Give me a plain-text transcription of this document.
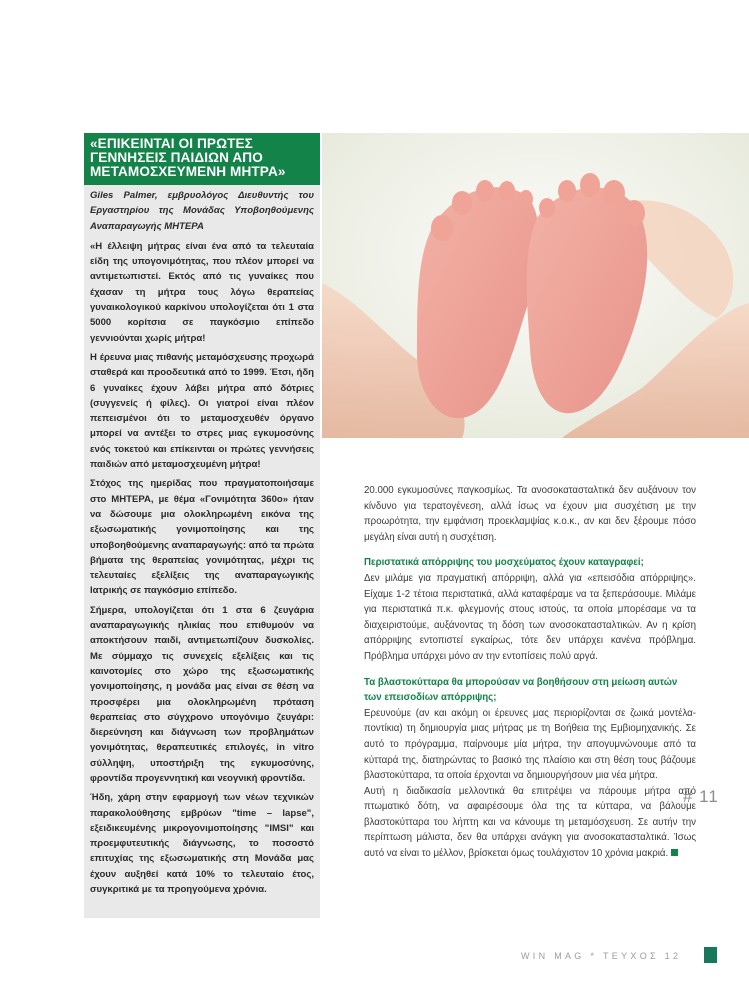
«ΕΠΙΚΕΙΝΤΑΙ ΟΙ ΠΡΩΤΕΣ
ΓΕΝΝΗΣΕΙΣ ΠΑΙΔΙΩΝ ΑΠΟ
ΜΕΤΑΜΟΣΧΕΥΜΕΝΗ ΜΗΤΡΑ»

Giles Palmer, εμβρυολόγος Διευθυντής του Εργαστηρίου της Μονάδας Υποβοηθούμενης Αναπαραγωγής ΜΗΤΕΡΑ

«Η έλλειψη μήτρας είναι ένα από τα τελευταία είδη της υπογονιμότητας, που πλέον μπορεί να αντιμετωπιστεί. Εκτός από τις γυναίκες που έχασαν τη μήτρα τους λόγω θεραπείας γυναικολογικού καρκίνου υπολογίζεται ότι 1 στα 5000 κορίτσια σε παγκόσμιο επίπεδο γεννιούνται χωρίς μήτρα!

Η έρευνα μιας πιθανής μεταμόσχευσης προχωρά σταθερά και προοδευτικά από το 1999. Έτσι, ήδη 6 γυναίκες έχουν λάβει μήτρα από δότριες (συγγενείς ή φίλες). Οι γιατροί είναι πλέον πεπεισμένοι ότι το μεταμοσχευθέν όργανο μπορεί να αντέξει το στρες μιας εγκυμοσύνης ενός τοκετού και επίκεινται οι πρώτες γεννήσεις παιδιών από μεταμοσχευμένη μήτρα!

Στόχος της ημερίδας που πραγματοποιήσαμε στο ΜΗΤΕΡΑ, με θέμα «Γονιμότητα 360ο» ήταν να δώσουμε μια ολοκληρωμένη εικόνα της εξωσωματικής γονιμοποίησης και της υποβοηθούμενης αναπαραγωγής: από τα πρώτα βήματα της θεραπείας γονιμότητας, μέχρι τις τελευταίες εξελίξεις της αναπαραγωγικής Ιατρικής σε παγκόσμιο επίπεδο.

Σήμερα, υπολογίζεται ότι 1 στα 6 ζευγάρια αναπαραγωγικής ηλικίας που επιθυμούν να αποκτήσουν παιδί, αντιμετωπίζουν δυσκολίες. Με σύμμαχο τις συνεχείς εξελίξεις και τις καινοτομίες στο χώρο της εξωσωματικής γονιμοποίησης, η μονάδα μας είναι σε θέση να προσφέρει μια ολοκληρωμένη πρόταση θεραπείας στο σύγχρονο υπογόνιμο ζευγάρι: διερεύνηση και διάγνωση των προβλημάτων γονιμότητας, θεραπευτικές επιλογές, in vitro σύλληψη, υποστήριξη της εγκυμοσύνης, φροντίδα προγεννητική και νεογνική φροντίδα.

Ήδη, χάρη στην εφαρμογή των νέων τεχνικών παρακολούθησης εμβρύων "time – lapse", εξειδικευμένης μικρογονιμοποίησης "IMSI" και προεμφυτευτικής διάγνωσης, το ποσοστό επιτυχίας της εξωσωματικής στη Μονάδα μας έχουν αυξηθεί κατά 10% το τελευταίο έτος, συγκριτικά με τα προηγούμενα χρόνια.

20.000 εγκυμοσύνες παγκοσμίως. Τα ανοσοκατασταλτικά δεν αυξάνουν τον κίνδυνο για τερατογένεση, αλλά ίσως να έχουν μια συσχέτιση με την προωρότητα, την εμφάνιση προεκλαμψίας κ.ο.κ., αν και δεν ξέρουμε πόσο μεγάλη είναι αυτή η συσχέτιση.

Περιστατικά απόρριψης του μοσχεύματος έχουν καταγραφεί;

Δεν μιλάμε για πραγματική απόρριψη, αλλά για «επεισόδια απόρριψης». Είχαμε 1-2 τέτοια περιστατικά, αλλά καταφέραμε να τα ξεπεράσουμε. Μιλάμε για περιστατικά π.κ. φλεγμονής στους ιστούς, τα οποία μπορέσαμε να τα διαχειριστούμε, αυξάνοντας τη δόση των ανοσοκατασταλτικών. Αν η κρίση απόρριψης εντοπιστεί εγκαίρως, τότε δεν υπάρχει κανένα πρόβλημα. Πρόβλημα υπάρχει μόνο αν την εντοπίσεις πολύ αργά.

Τα βλαστοκύτταρα θα μπορούσαν να βοηθήσουν στη μείωση αυτών των επεισοδίων απόρριψης;

Ερευνούμε (αν και ακόμη οι έρευνες μας περιορίζονται σε ζωικά μοντέλα- ποντίκια) τη δημιουργία μιας μήτρας με τη Βοήθεια της Εμβιομηχανικής. Σε αυτό το πρόγραμμα, παίρνουμε μία μήτρα, την απογυμνώνουμε από τα κύτταρά της, διατηρώντας το βασικό της πλαίσιο και στη θέση τους βάζουμε βλαστοκύτταρα, τα οποία έρχονται να δημιουργήσουν μια νέα μήτρα.

Αυτή η διαδικασία μελλοντικά θα επιτρέψει να πάρουμε μήτρα από πτωματικό δότη, να αφαιρέσουμε όλα της τα κύτταρα, να βάλουμε βλαστοκύτταρα του λήπτη και να κάνουμε τη μεταμόσχευση. Σε αυτήν την περίπτωση μάλιστα, δεν θα υπάρχει ανάγκη για ανοσοκατασταλτικά. Ίσως αυτό να είναι το μέλλον, βρίσκεται όμως τουλάχιστον 10 χρόνια μακριά.

# 11
WIN MAG * ΤΕΥΧΟΣ 12
